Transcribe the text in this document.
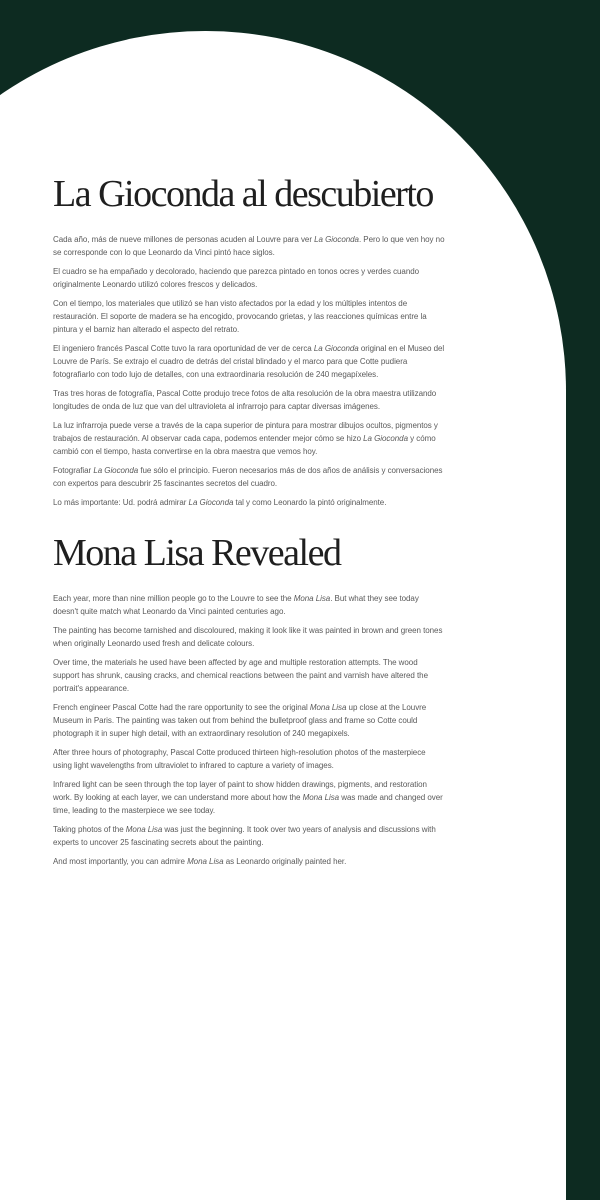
La Gioconda al descubierto

Cada año, más de nueve millones de personas acuden al Louvre para ver La Gioconda. Pero lo que ven hoy no se corresponde con lo que Leonardo da Vinci pintó hace siglos.

El cuadro se ha empañado y decolorado, haciendo que parezca pintado en tonos ocres y verdes cuando originalmente Leonardo utilizó colores frescos y delicados.

Con el tiempo, los materiales que utilizó se han visto afectados por la edad y los múltiples intentos de restauración. El soporte de madera se ha encogido, provocando grietas, y las reacciones químicas entre la pintura y el barniz han alterado el aspecto del retrato.

El ingeniero francés Pascal Cotte tuvo la rara oportunidad de ver de cerca La Gioconda original en el Museo del Louvre de París. Se extrajo el cuadro de detrás del cristal blindado y el marco para que Cotte pudiera fotografiarlo con todo lujo de detalles, con una extraordinaria resolución de 240 megapíxeles.

Tras tres horas de fotografía, Pascal Cotte produjo trece fotos de alta resolución de la obra maestra utilizando longitudes de onda de luz que van del ultravioleta al infrarrojo para captar diversas imágenes.

La luz infrarroja puede verse a través de la capa superior de pintura para mostrar dibujos ocultos, pigmentos y trabajos de restauración. Al observar cada capa, podemos entender mejor cómo se hizo La Gioconda y cómo cambió con el tiempo, hasta convertirse en la obra maestra que vemos hoy.

Fotografiar La Gioconda fue sólo el principio. Fueron necesarios más de dos años de análisis y conversaciones con expertos para descubrir 25 fascinantes secretos del cuadro.

Lo más importante: Ud. podrá admirar La Gioconda tal y como Leonardo la pintó originalmente.

Mona Lisa Revealed

Each year, more than nine million people go to the Louvre to see the Mona Lisa. But what they see today doesn't quite match what Leonardo da Vinci painted centuries ago.

The painting has become tarnished and discoloured, making it look like it was painted in brown and green tones when originally Leonardo used fresh and delicate colours.

Over time, the materials he used have been affected by age and multiple restoration attempts. The wood support has shrunk, causing cracks, and chemical reactions between the paint and varnish have altered the portrait's appearance.

French engineer Pascal Cotte had the rare opportunity to see the original Mona Lisa up close at the Louvre Museum in Paris. The painting was taken out from behind the bulletproof glass and frame so Cotte could photograph it in super high detail, with an extraordinary resolution of 240 megapixels.

After three hours of photography, Pascal Cotte produced thirteen high-resolution photos of the masterpiece using light wavelengths from ultraviolet to infrared to capture a variety of images.

Infrared light can be seen through the top layer of paint to show hidden drawings, pigments, and restoration work. By looking at each layer, we can understand more about how the Mona Lisa was made and changed over time, leading to the masterpiece we see today.

Taking photos of the Mona Lisa was just the beginning. It took over two years of analysis and discussions with experts to uncover 25 fascinating secrets about the painting.

And most importantly, you can admire Mona Lisa as Leonardo originally painted her.
